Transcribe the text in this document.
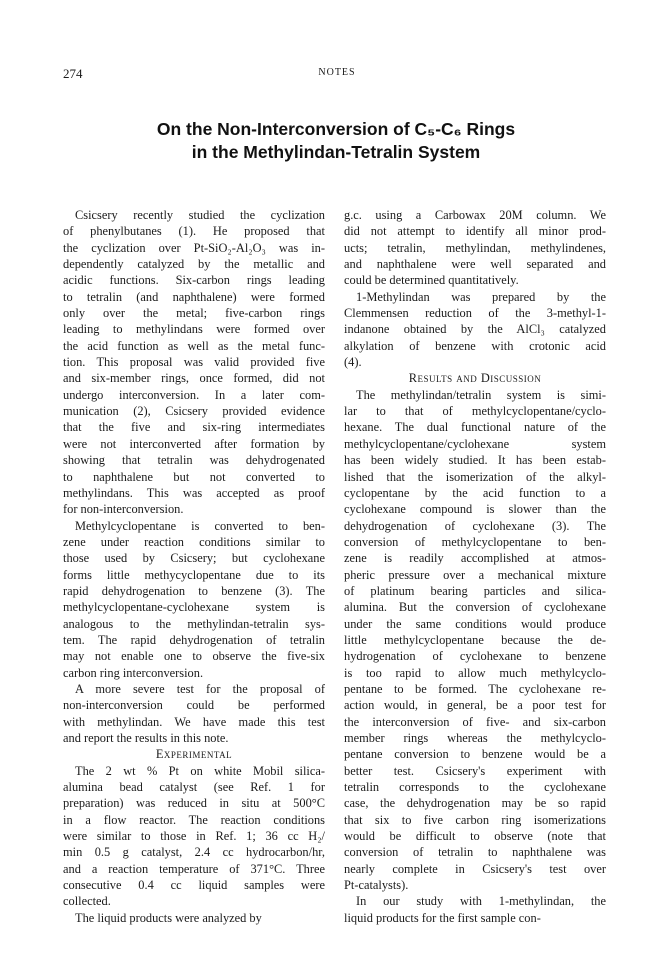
274	NOTES
On the Non-Interconversion of C₅-C₆ Rings
in the Methylindan-Tetralin System
Csicsery recently studied the cyclization
of phenylbutanes (1). He proposed that
the cyclization over Pt-SiO₂-Al₂O₃ was in-
dependently catalyzed by the metallic and
acidic functions. Six-carbon rings leading
to tetralin (and naphthalene) were formed
only over the metal; five-carbon rings
leading to methylindans were formed over
the acid function as well as the metal func-
tion. This proposal was valid provided five
and six-member rings, once formed, did not
undergo interconversion. In a later com-
munication (2), Csicsery provided evidence
that the five and six-ring intermediates
were not interconverted after formation by
showing that tetralin was dehydrogenated
to naphthalene but not converted to
methylindans. This was accepted as proof
for non-interconversion.
Methylcyclopentane is converted to ben-
zene under reaction conditions similar to
those used by Csicsery; but cyclohexane
forms little methycyclopentane due to its
rapid dehydrogenation to benzene (3). The
methylcyclopentane-cyclohexane system is
analogous to the methylindan-tetralin sys-
tem. The rapid dehydrogenation of tetralin
may not enable one to observe the five-six
carbon ring interconversion.
A more severe test for the proposal of
non-interconversion could be performed
with methylindan. We have made this test
and report the results in this note.
Experimental
The 2 wt % Pt on white Mobil silica-
alumina bead catalyst (see Ref. 1 for
preparation) was reduced in situ at 500°C
in a flow reactor. The reaction conditions
were similar to those in Ref. 1; 36 cc H₂/
min 0.5 g catalyst, 2.4 cc hydrocarbon/hr,
and a reaction temperature of 371°C. Three
consecutive 0.4 cc liquid samples were
collected.
The liquid products were analyzed by
g.c. using a Carbowax 20M column. We
did not attempt to identify all minor prod-
ucts; tetralin, methylindan, methylindenes,
and naphthalene were well separated and
could be determined quantitatively.
1-Methylindan was prepared by the
Clemmensen reduction of the 3-methyl-1-
indanone obtained by the AlCl₃ catalyzed
alkylation of benzene with crotonic acid
(4).
Results and Discussion
The methylindan/tetralin system is simi-
lar to that of methylcyclopentane/cyclo-
hexane. The dual functional nature of the
methylcyclopentane/cyclohexane system
has been widely studied. It has been estab-
lished that the isomerization of the alkyl-
cyclopentane by the acid function to a
cyclohexane compound is slower than the
dehydrogenation of cyclohexane (3). The
conversion of methylcyclopentane to ben-
zene is readily accomplished at atmos-
pheric pressure over a mechanical mixture
of platinum bearing particles and silica-
alumina. But the conversion of cyclohexane
under the same conditions would produce
little methylcyclopentane because the de-
hydrogenation of cyclohexane to benzene
is too rapid to allow much methylcyclo-
pentane to be formed. The cyclohexane re-
action would, in general, be a poor test for
the interconversion of five- and six-carbon
member rings whereas the methylcyclo-
pentane conversion to benzene would be a
better test. Csicsery's experiment with
tetralin corresponds to the cyclohexane
case, the dehydrogenation may be so rapid
that six to five carbon ring isomerizations
would be difficult to observe (note that
conversion of tetralin to naphthalene was
nearly complete in Csicsery's test over
Pt-catalysts).
In our study with 1-methylindan, the
liquid products for the first sample con-
